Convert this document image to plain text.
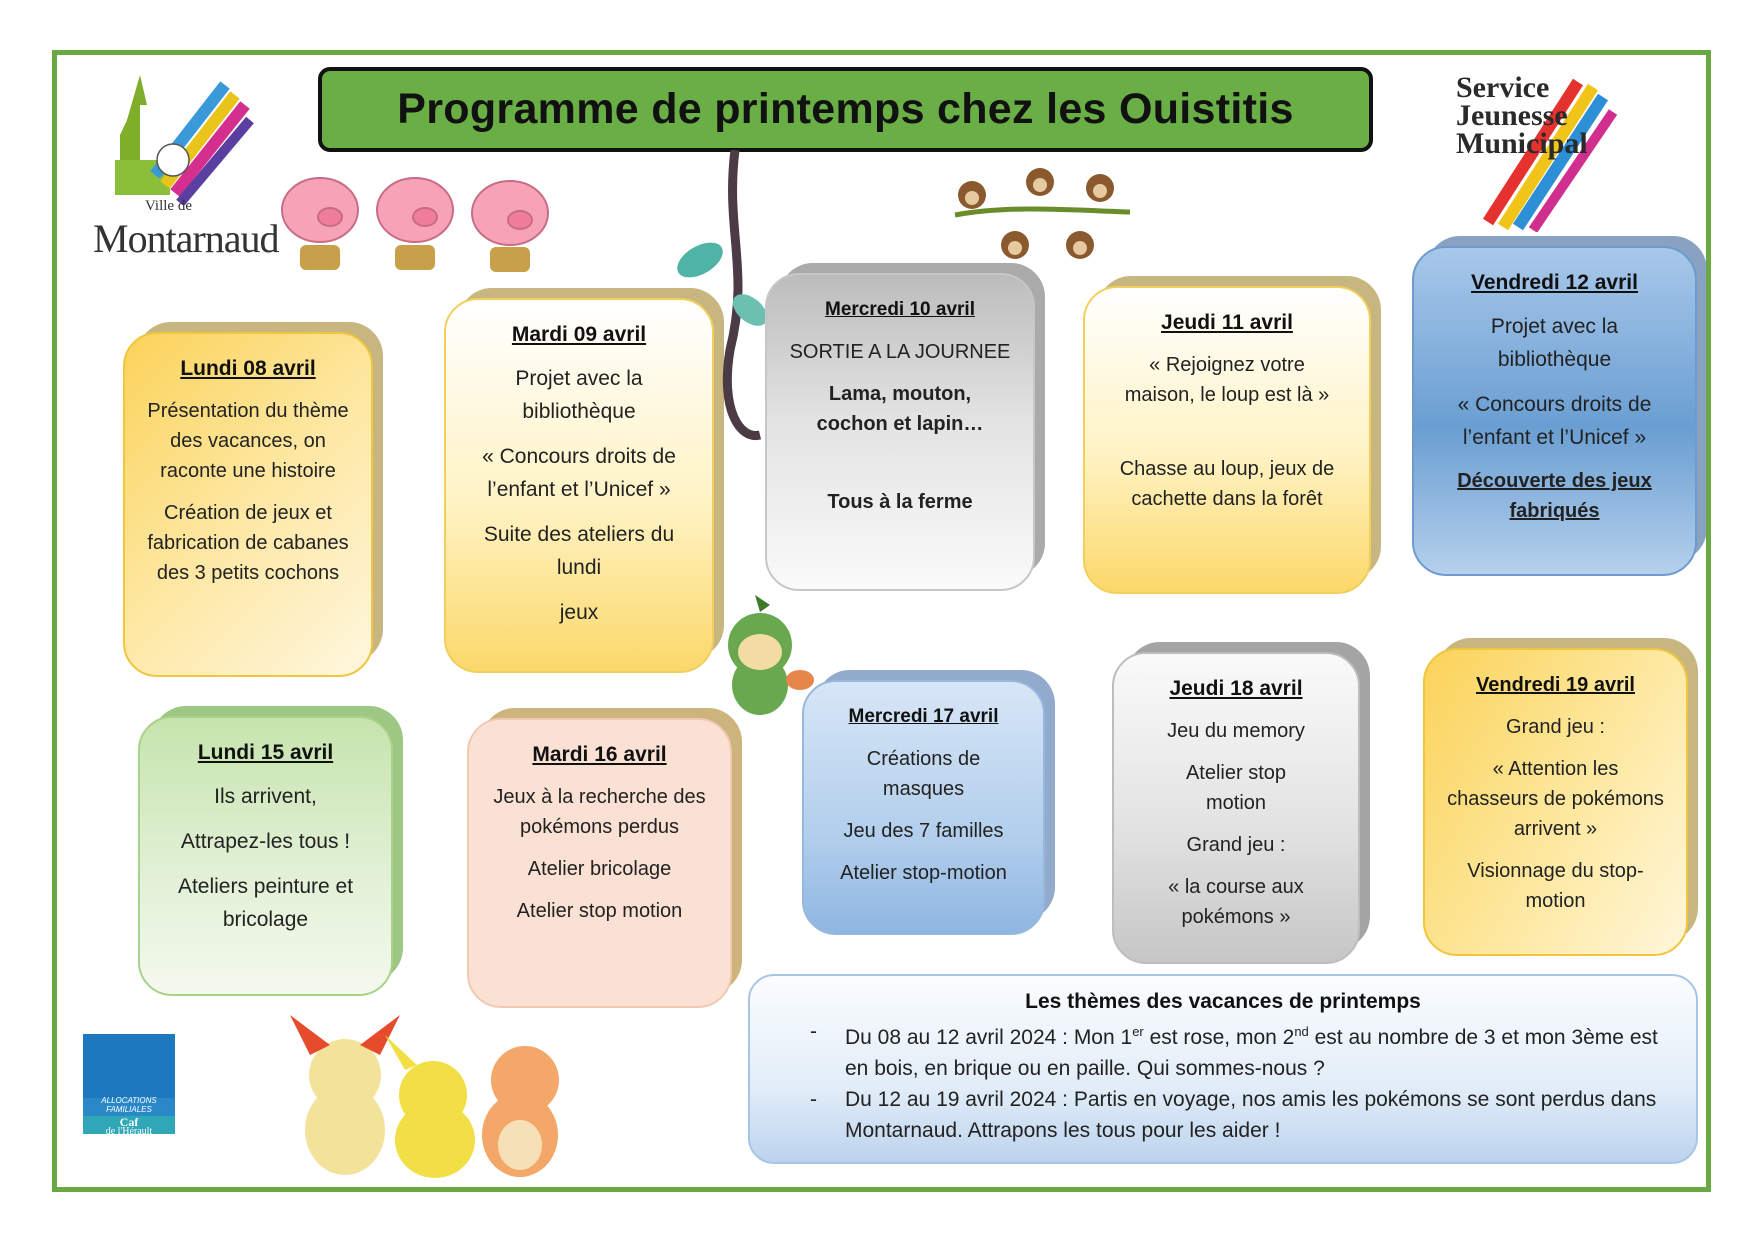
Ville de
Montarnaud
Programme de printemps chez les Ouistitis	Service
Jeunesse
Municipal
ALLOCATIONS
FAMILIALES
Caf
de l'Hérault
Lundi 08 avril

Présentation du thème des vacances, on raconte une histoire

Création de jeux et fabrication de cabanes des 3 petits cochons

Mardi 09 avril

Projet avec la bibliothèque

« Concours droits de l’enfant et l’Unicef »

Suite des ateliers du lundi

jeux

Mercredi 10 avril

SORTIE A LA JOURNEE

Lama, mouton, cochon et lapin…

Tous à la ferme

Jeudi 11 avril

« Rejoignez votre maison, le loup est là »

Chasse au loup, jeux de cachette dans la forêt

Vendredi 12 avril

Projet avec la bibliothèque

« Concours droits de l’enfant et l’Unicef »

Découverte des jeux fabriqués

Lundi 15 avril

Ils arrivent,

Attrapez-les tous !

Ateliers peinture et bricolage

Mardi 16 avril

Jeux à la recherche des pokémons perdus

Atelier bricolage

Atelier stop motion

Mercredi 17 avril

Créations de masques

Jeu des 7 familles

Atelier stop-motion

Jeudi 18 avril

Jeu du memory

Atelier stop motion

Grand jeu :

« la course aux pokémons »

Vendredi 19 avril

Grand jeu :

« Attention les chasseurs de pokémons arrivent »

Visionnage du stop-motion

Les thèmes des vacances de printemps
- Du 08 au 12 avril 2024 : Mon 1er est rose, mon 2nd est au nombre de 3 et mon 3ème est en bois, en brique ou en paille. Qui sommes-nous ?
- Du 12 au 19 avril 2024 : Partis en voyage, nos amis les pokémons se sont perdus dans Montarnaud. Attrapons les tous pour les aider !
